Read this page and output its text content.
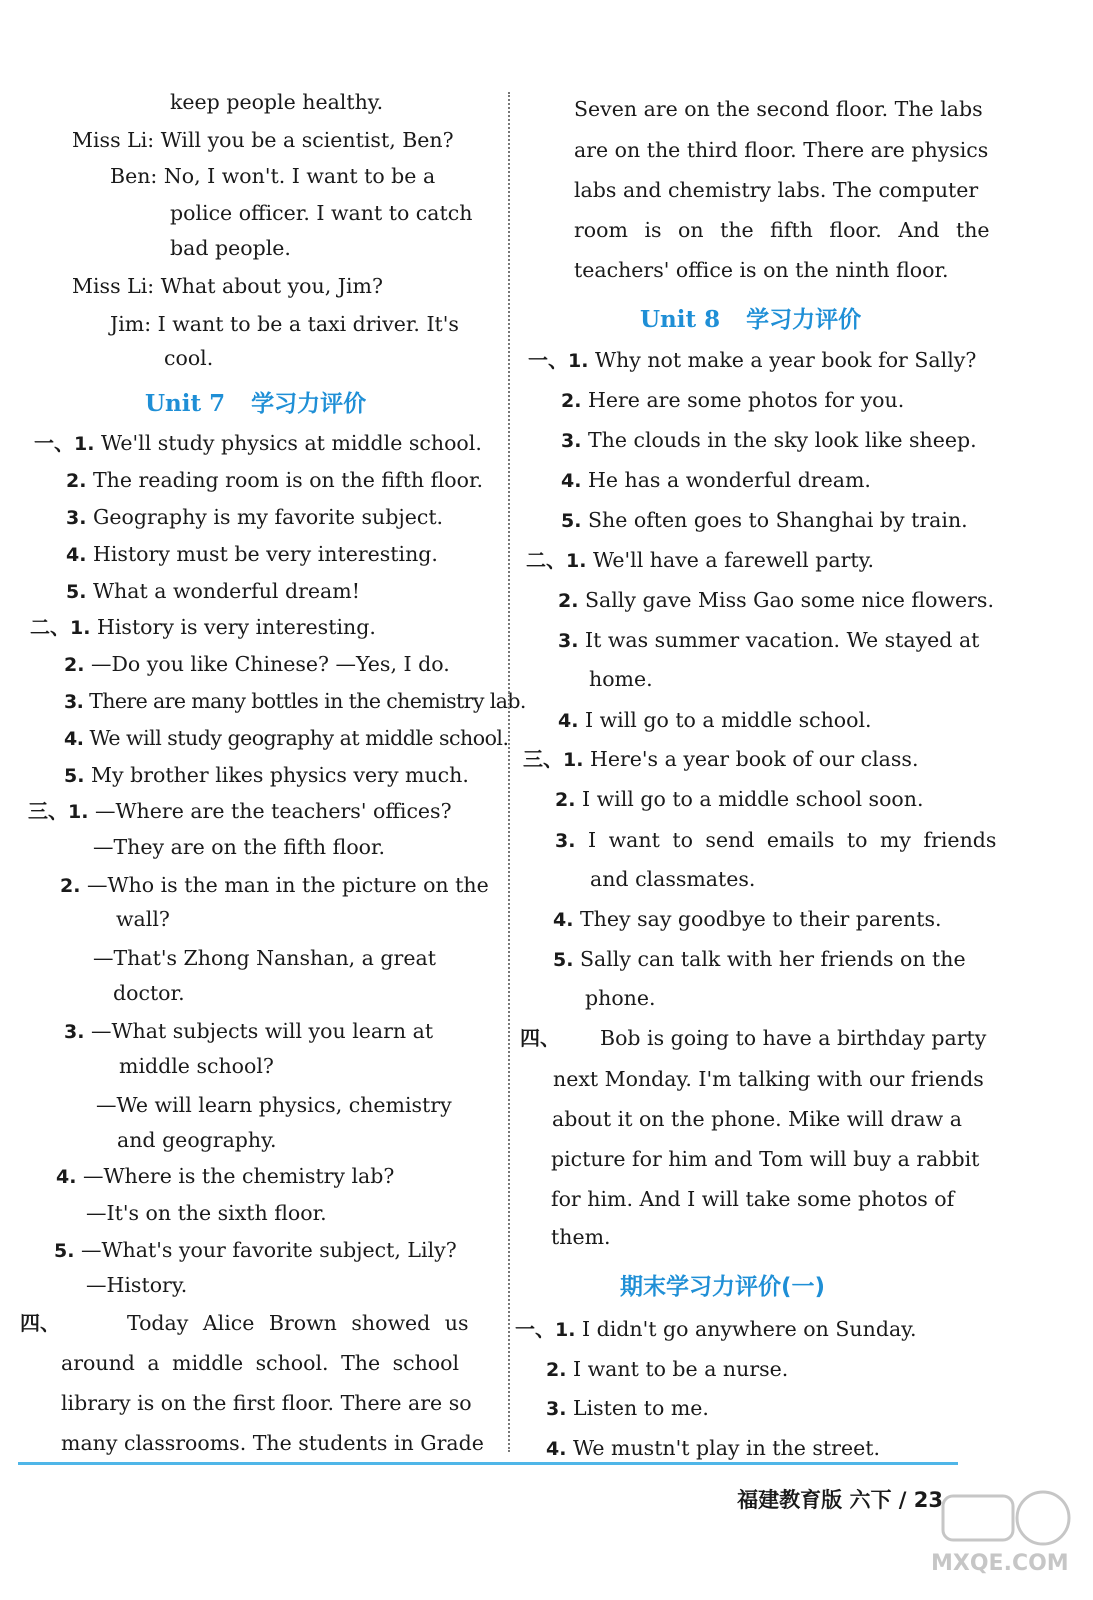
keep people healthy.
Miss Li: Will you be a scientist, Ben?
Ben: No, I won't. I want to be a
police officer. I want to catch
bad people.
Miss Li: What about you, Jim?
Jim: I want to be a taxi driver. It's
cool.
Unit 7 学习力评价
一、1. We'll study physics at middle school.
2. The reading room is on the fifth floor.
3. Geography is my favorite subject.
4. History must be very interesting.
5. What a wonderful dream!
二、1. History is very interesting.
2. —Do you like Chinese? —Yes, I do.
3. There are many bottles in the chemistry lab.
4. We will study geography at middle school.
5. My brother likes physics very much.
三、1. —Where are the teachers' offices?
—They are on the fifth floor.
2. —Who is the man in the picture on the
wall?
—That's Zhong Nanshan, a great
doctor.
3. —What subjects will you learn at
middle school?
—We will learn physics, chemistry
and geography.
4. —Where is the chemistry lab?
—It's on the sixth floor.
5. —What's your favorite subject, Lily?
—History.
四、	Today Alice Brown showed us
around a middle school. The school
library is on the first floor. There are so
many classrooms. The students in Grade
Seven are on the second floor. The labs
are on the third floor. There are physics
labs and chemistry labs. The computer
room is on the fifth floor. And the
teachers' office is on the ninth floor.
Unit 8 学习力评价
一、1. Why not make a year book for Sally?
2. Here are some photos for you.
3. The clouds in the sky look like sheep.
4. He has a wonderful dream.
5. She often goes to Shanghai by train.
二、1. We'll have a farewell party.
2. Sally gave Miss Gao some nice flowers.
3. It was summer vacation. We stayed at
home.
4. I will go to a middle school.
三、1. Here's a year book of our class.
2. I will go to a middle school soon.
3. I want to send emails to my friends
and classmates.
4. They say goodbye to their parents.
5. Sally can talk with her friends on the
phone.
四、 Bob is going to have a birthday party
next Monday. I'm talking with our friends
about it on the phone. Mike will draw a
picture for him and Tom will buy a rabbit
for him. And I will take some photos of
them.
期末学习力评价(一)
一、1. I didn't go anywhere on Sunday.
2. I want to be a nurse.
3. Listen to me.
4. We mustn't play in the street.
福建教育版 六下 / 23
MXQE.COM
